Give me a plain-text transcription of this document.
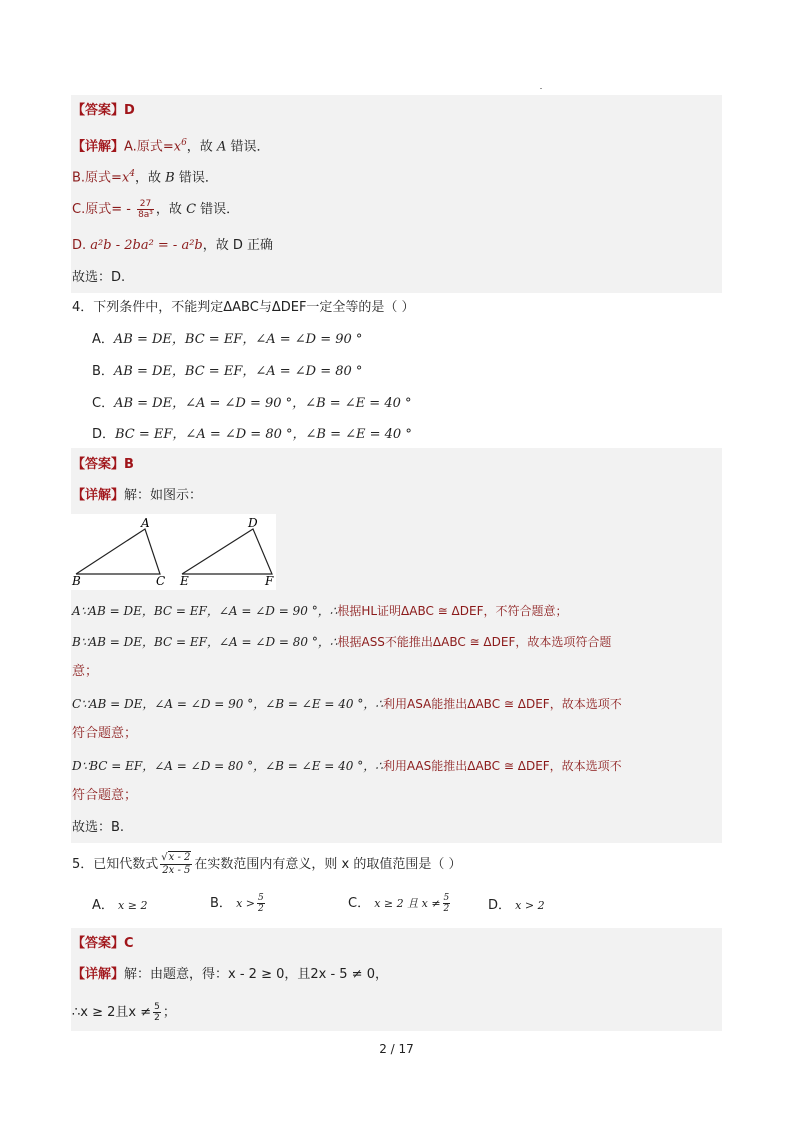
【答案】D
【详解】A.原式$=x^6$，故 A 错误．
B.原式$=x^4$，故 B 错误．
C.原式= - $\frac{27}{\text{8a³}}$ ，故 C 错误．
D. a²b - 2ba² = - a²b，故 D 正确
故选：D.
4．下列条件中，不能判定ΔABC与ΔDEF一定全等的是（ ）
A．AB = DE，BC = EF，∠A = ∠D = 90 °
B．AB = DE，BC = EF，∠A = ∠D = 80 °
C．AB = DE，∠A = ∠D = 90 °，∠B = ∠E = 40 °
D．BC = EF，∠A = ∠D = 80 °，∠B = ∠E = 40 °
【答案】B
【详解】解：如图示：
A
B	C
D
E	F
A∵AB = DE，BC = EF，∠A = ∠D = 90 °，∴根据HL证明ΔABC ≅ ΔDEF，不符合题意；
B∵AB = DE，BC = EF，∠A = ∠D = 80 °，∴根据ASS不能推出ΔABC ≅ ΔDEF，故本选项符合题
意；
C∵AB = DE，∠A = ∠D = 90 °，∠B = ∠E = 40 °，∴利用ASA能推出ΔABC ≅ ΔDEF，故本选项不
符合题意；
D∵BC = EF，∠A = ∠D = 80 °，∠B = ∠E = 40 °，∴利用AAS能推出ΔABC ≅ ΔDEF，故本选项不
符合题意；
故选：B.
5．已知代数式 $\frac{√x - 2}{2x - 5}$ 在实数范围内有意义，则 x 的取值范围是（ ）
A． x ≥ 2	B． $x > \frac{5}{2}$	C． x ≥ 2 且 $x \ne \frac{5}{2}$	D． x > 2
【答案】C
【详解】解：由题意，得：x - 2 ≥ 0，且2x - 5 ≠ 0，
∴x ≥ 2且$x \ne \frac{5}{2}$ ；
2 / 17
